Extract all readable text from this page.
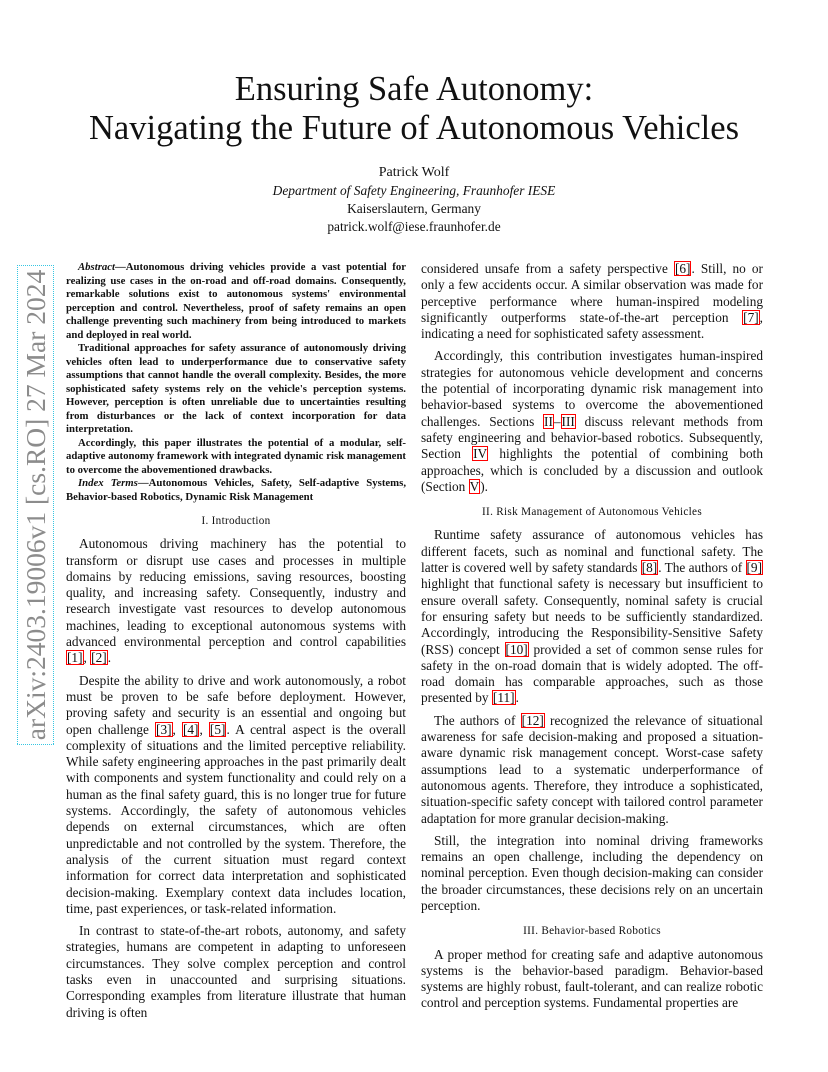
arXiv:2403.19006v1 [cs.RO] 27 Mar 2024
Ensuring Safe Autonomy:
Navigating the Future of Autonomous Vehicles
Patrick Wolf
Department of Safety Engineering, Fraunhofer IESE
Kaiserslautern, Germany
patrick.wolf@iese.fraunhofer.de

Abstract—Autonomous driving vehicles provide a vast potential for realizing use cases in the on-road and off-road domains. Consequently, remarkable solutions exist to autonomous systems' environmental perception and control. Nevertheless, proof of safety remains an open challenge preventing such machinery from being introduced to markets and deployed in real world.

Traditional approaches for safety assurance of autonomously driving vehicles often lead to underperformance due to conservative safety assumptions that cannot handle the overall complexity. Besides, the more sophisticated safety systems rely on the vehicle's perception systems. However, perception is often unreliable due to uncertainties resulting from disturbances or the lack of context incorporation for data interpretation.

Accordingly, this paper illustrates the potential of a modular, self-adaptive autonomy framework with integrated dynamic risk management to overcome the abovementioned drawbacks.

Index Terms—Autonomous Vehicles, Safety, Self-adaptive Systems, Behavior-based Robotics, Dynamic Risk Management

I. Introduction

Autonomous driving machinery has the potential to transform or disrupt use cases and processes in multiple domains by reducing emissions, saving resources, boosting quality, and increasing safety. Consequently, industry and research investigate vast resources to develop autonomous machines, leading to exceptional autonomous systems with advanced environmental perception and control capabilities [1], [2].

Despite the ability to drive and work autonomously, a robot must be proven to be safe before deployment. However, proving safety and security is an essential and ongoing but open challenge [3], [4], [5]. A central aspect is the overall complexity of situations and the limited perceptive reliability. While safety engineering approaches in the past primarily dealt with components and system functionality and could rely on a human as the final safety guard, this is no longer true for future systems. Accordingly, the safety of autonomous vehicles depends on external circumstances, which are often unpredictable and not controlled by the system. Therefore, the analysis of the current situation must regard context information for correct data interpretation and sophisticated decision-making. Exemplary context data includes location, time, past experiences, or task-related information.

In contrast to state-of-the-art robots, autonomy, and safety strategies, humans are competent in adapting to unforeseen circumstances. They solve complex perception and control tasks even in unaccounted and surprising situations. Corresponding examples from literature illustrate that human driving is often

considered unsafe from a safety perspective [6]. Still, no or only a few accidents occur. A similar observation was made for perceptive performance where human-inspired modeling significantly outperforms state-of-the-art perception [7], indicating a need for sophisticated safety assessment.

Accordingly, this contribution investigates human-inspired strategies for autonomous vehicle development and concerns the potential of incorporating dynamic risk management into behavior-based systems to overcome the abovementioned challenges. Sections II–III discuss relevant methods from safety engineering and behavior-based robotics. Subsequently, Section IV highlights the potential of combining both approaches, which is concluded by a discussion and outlook (Section V).

II. Risk Management of Autonomous Vehicles

Runtime safety assurance of autonomous vehicles has different facets, such as nominal and functional safety. The latter is covered well by safety standards [8]. The authors of [9] highlight that functional safety is necessary but insufficient to ensure overall safety. Consequently, nominal safety is crucial for ensuring safety but needs to be sufficiently standardized. Accordingly, introducing the Responsibility-Sensitive Safety (RSS) concept [10] provided a set of common sense rules for safety in the on-road domain that is widely adopted. The off-road domain has comparable approaches, such as those presented by [11].

The authors of [12] recognized the relevance of situational awareness for safe decision-making and proposed a situation-aware dynamic risk management concept. Worst-case safety assumptions lead to a systematic underperformance of autonomous agents. Therefore, they introduce a sophisticated, situation-specific safety concept with tailored control parameter adaptation for more granular decision-making.

Still, the integration into nominal driving frameworks remains an open challenge, including the dependency on nominal perception. Even though decision-making can consider the broader circumstances, these decisions rely on an uncertain perception.

III. Behavior-based Robotics

A proper method for creating safe and adaptive autonomous systems is the behavior-based paradigm. Behavior-based systems are highly robust, fault-tolerant, and can realize robotic control and perception systems. Fundamental properties are
